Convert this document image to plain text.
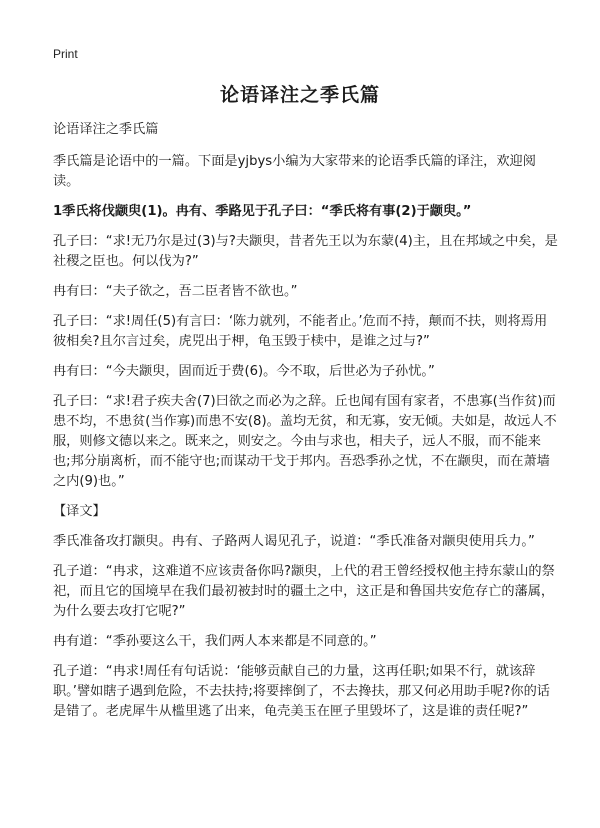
Print
论语译注之季氏篇

论语译注之季氏篇

季氏篇是论语中的一篇。下面是yjbys小编为大家带来的论语季氏篇的译注，欢迎阅读。

1季氏将伐颛臾(1)。冉有、季路见于孔子曰：“季氏将有事(2)于颛臾。”

孔子曰：“求!无乃尔是过(3)与?夫颛臾，昔者先王以为东蒙(4)主，且在邦域之中矣，是社稷之臣也。何以伐为?”

冉有曰：“夫子欲之，吾二臣者皆不欲也。”

孔子曰：“求!周任(5)有言曰：‘陈力就列，不能者止。’危而不持，颠而不扶，则将焉用彼相矣?且尔言过矣，虎兕出于柙，龟玉毁于椟中，是谁之过与?”

冉有曰：“今夫颛臾，固而近于费(6)。今不取，后世必为子孙忧。”

孔子曰：“求!君子疾夫舍(7)曰欲之而必为之辞。丘也闻有国有家者，不患寡(当作贫)而患不均，不患贫(当作寡)而患不安(8)。盖均无贫，和无寡，安无倾。夫如是，故远人不服，则修文德以来之。既来之，则安之。今由与求也，相夫子，远人不服，而不能来也;邦分崩离析，而不能守也;而谋动干戈于邦内。吾恐季孙之忧，不在颛臾，而在萧墙之内(9)也。”

【译文】

季氏准备攻打颛臾。冉有、子路两人谒见孔子，说道：“季氏准备对颛臾使用兵力。”

孔子道：“冉求，这难道不应该责备你吗?颛臾，上代的君王曾经授权他主持东蒙山的祭祀，而且它的国境早在我们最初被封时的疆土之中，这正是和鲁国共安危存亡的藩属，为什么要去攻打它呢?”

冉有道：“季孙要这么干，我们两人本来都是不同意的。”

孔子道：“冉求!周任有句话说：‘能够贡献自己的力量，这再任职;如果不行，就该辞职。’譬如瞎子遇到危险，不去扶持;将要摔倒了，不去搀扶，那又何必用助手呢?你的话是错了。老虎犀牛从槛里逃了出来，龟壳美玉在匣子里毁坏了，这是谁的责任呢?”
